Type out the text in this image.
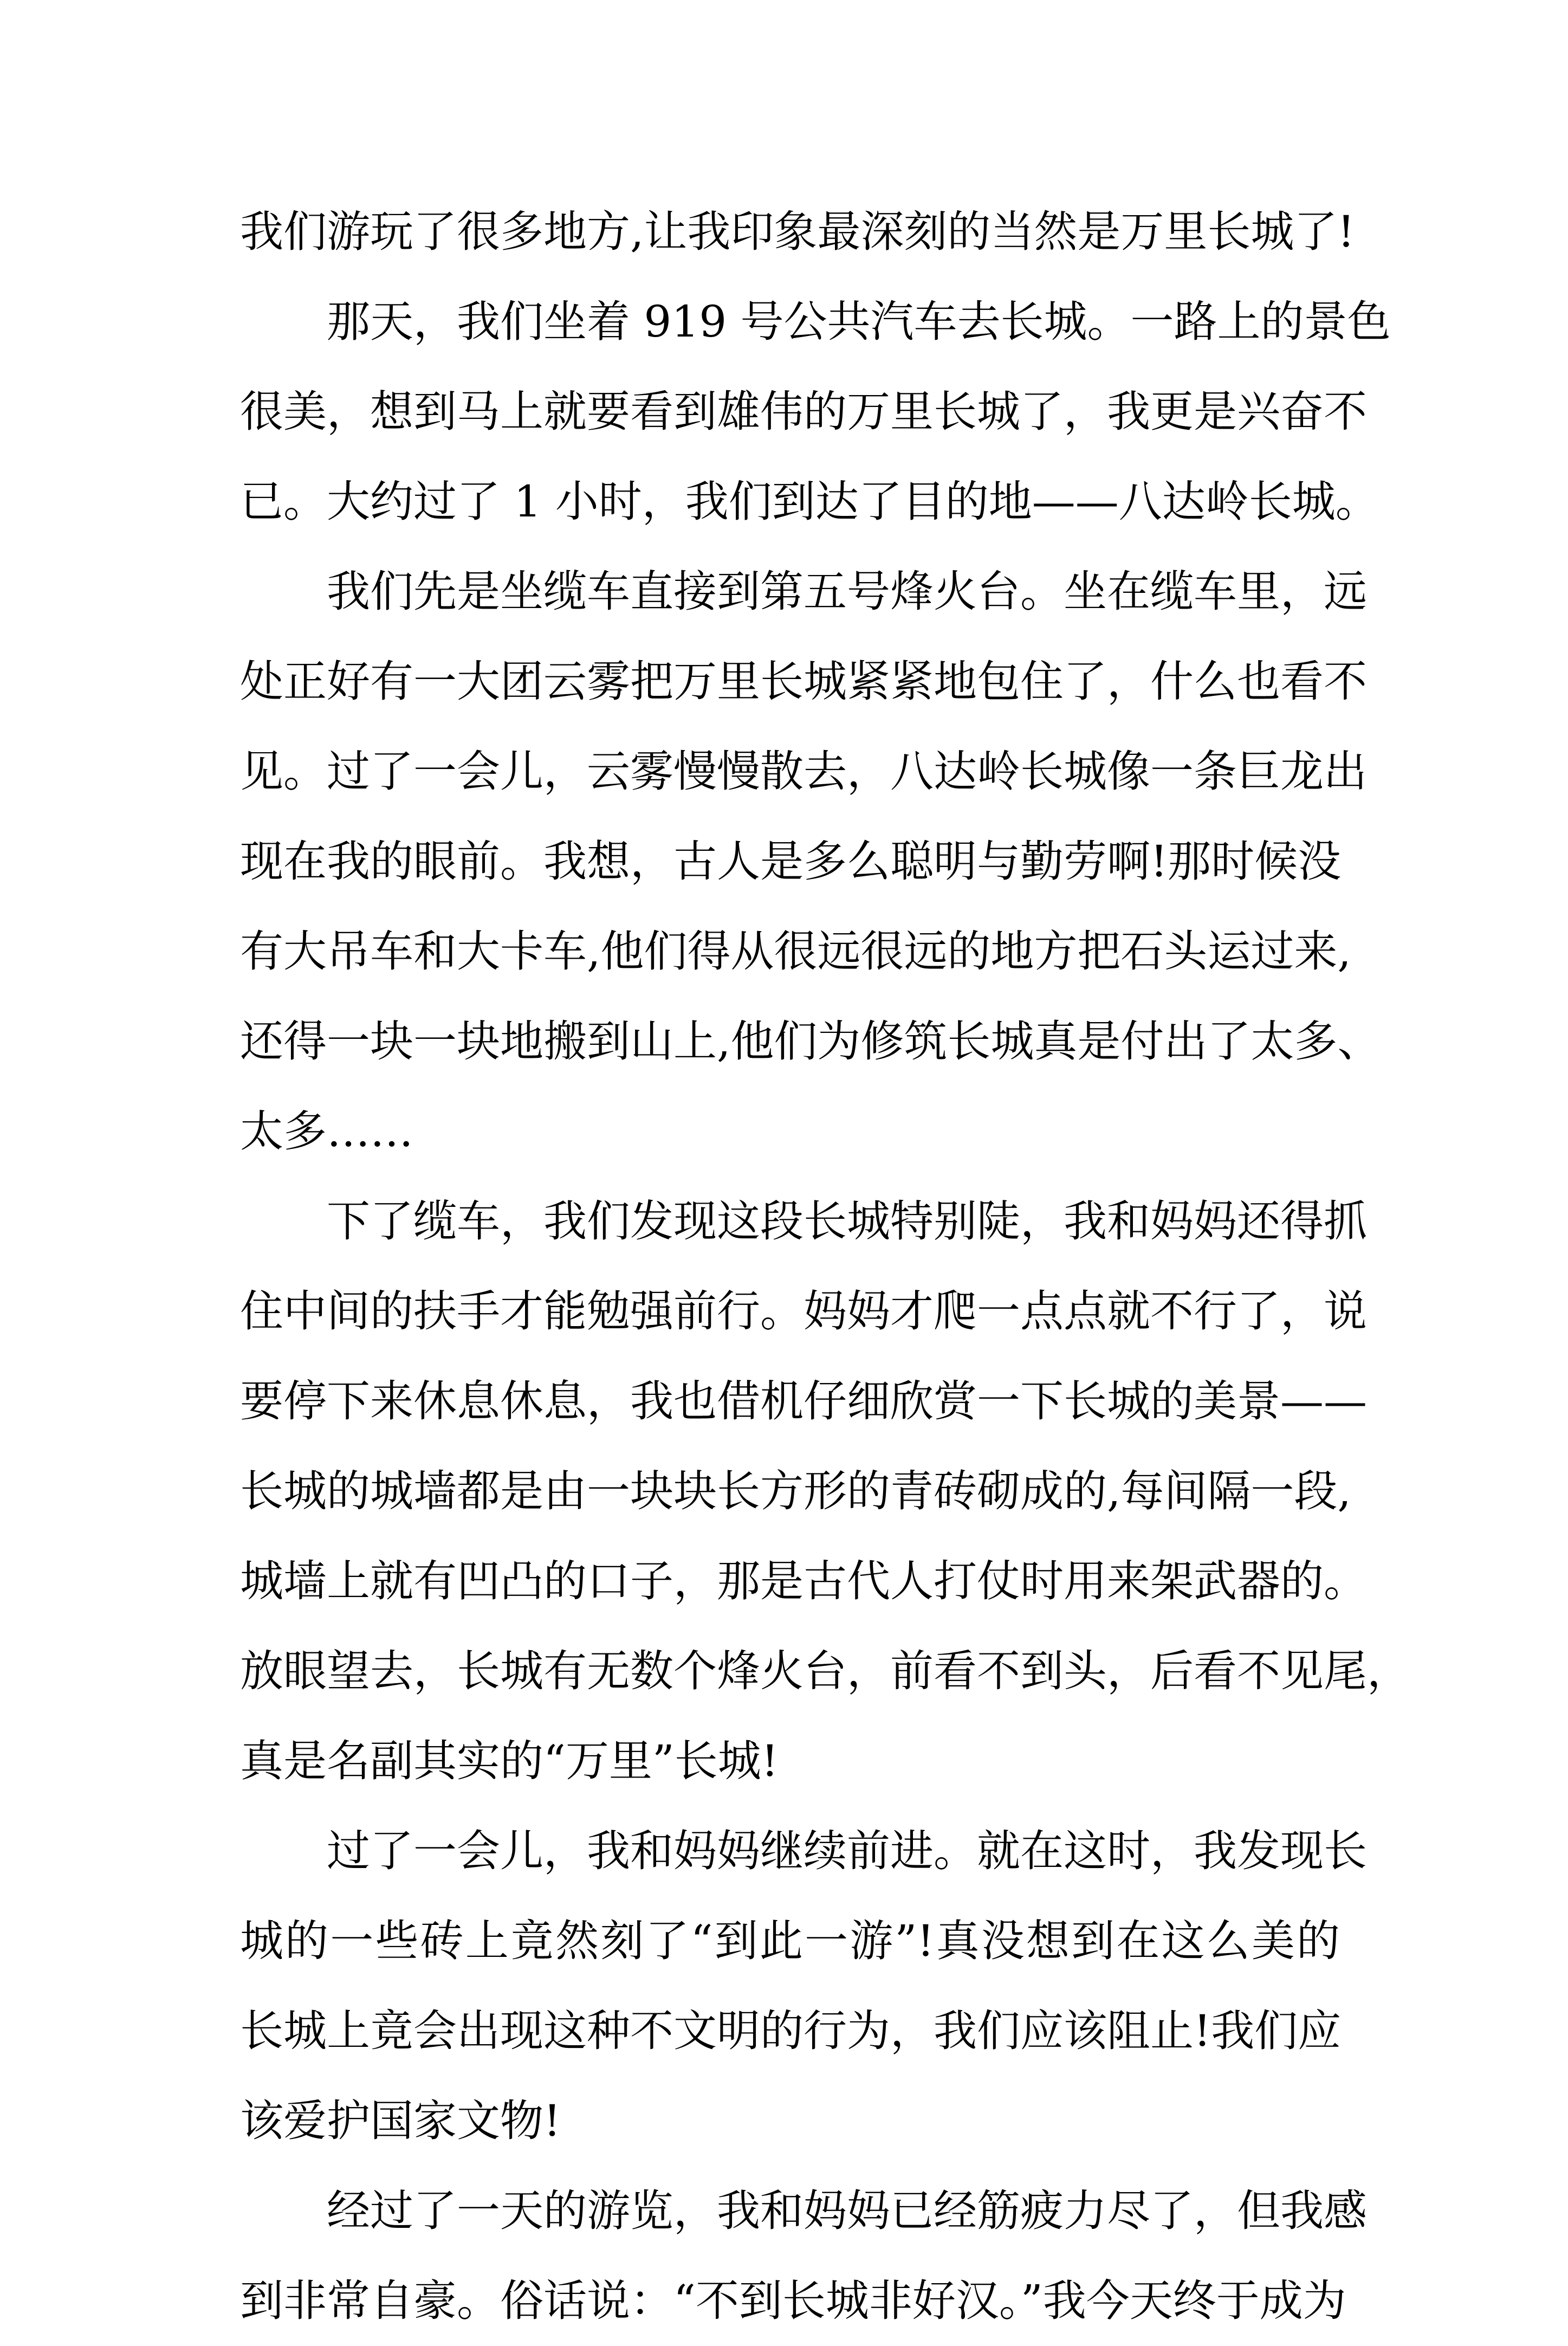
我们游玩了很多地方,让我印象最深刻的当然是万里长城了!
那天，我们坐着 919 号公共汽车去长城。一路上的景色
很美，想到马上就要看到雄伟的万里长城了，我更是兴奋不
已。大约过了 1 小时，我们到达了目的地——八达岭长城。
我们先是坐缆车直接到第五号烽火台。坐在缆车里，远
处正好有一大团云雾把万里长城紧紧地包住了，什么也看不
见。过了一会儿，云雾慢慢散去，八达岭长城像一条巨龙出
现在我的眼前。我想，古人是多么聪明与勤劳啊!那时候没
有大吊车和大卡车,他们得从很远很远的地方把石头运过来,
还得一块一块地搬到山上,他们为修筑长城真是付出了太多、
太多……
下了缆车，我们发现这段长城特别陡，我和妈妈还得抓
住中间的扶手才能勉强前行。妈妈才爬一点点就不行了，说
要停下来休息休息，我也借机仔细欣赏一下长城的美景——
长城的城墙都是由一块块长方形的青砖砌成的,每间隔一段,
城墙上就有凹凸的口子，那是古代人打仗时用来架武器的。
放眼望去，长城有无数个烽火台，前看不到头，后看不见尾，
真是名副其实的“万里”长城!
过了一会儿，我和妈妈继续前进。就在这时，我发现长
城的一些砖上竟然刻了“到此一游”!真没想到在这么美的
长城上竟会出现这种不文明的行为，我们应该阻止!我们应
该爱护国家文物!
经过了一天的游览，我和妈妈已经筋疲力尽了，但我感
到非常自豪。俗话说：“不到长城非好汉。”我今天终于成为
